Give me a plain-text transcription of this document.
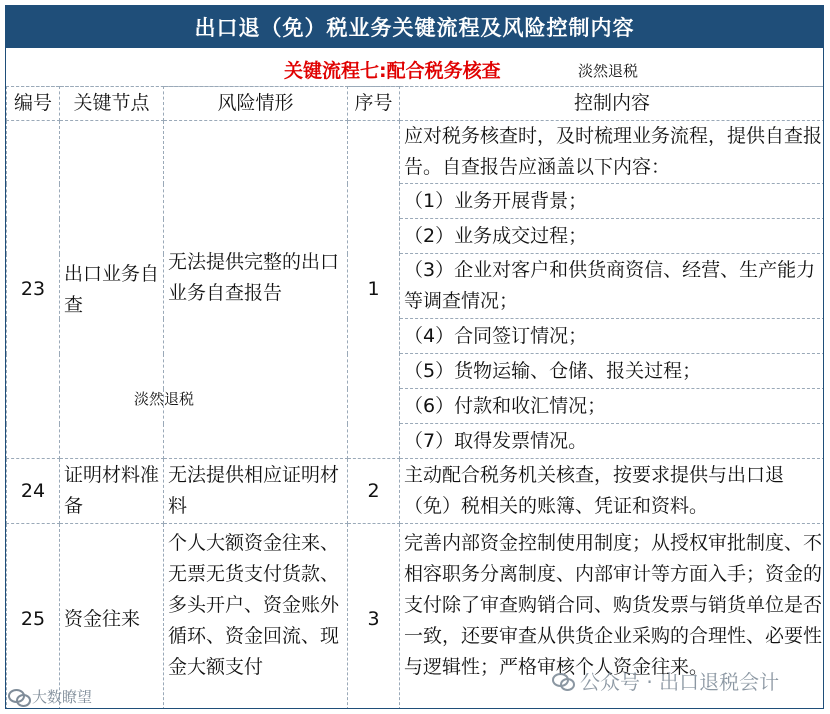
出口退（免）税业务关键流程及风险控制内容
关键流程七:配合税务核查	淡然退税
编号	关键节点	风险情形	序号	控制内容
23	出口业务自查	无法提供完整的出口业务自查报告	1	应对税务核查时，及时梳理业务流程，提供自查报告。自查报告应涵盖以下内容：
				（1）业务开展背景；
				（2）业务成交过程；
				（3）企业对客户和供货商资信、经营、生产能力等调查情况；
				（4）合同签订情况；
				（5）货物运输、仓储、报关过程；
				（6）付款和收汇情况；
				（7）取得发票情况。
24	证明材料准备	无法提供相应证明材料	2	主动配合税务机关核查，按要求提供与出口退（免）税相关的账簿、凭证和资料。
25	资金往来	个人大额资金往来、无票无货支付货款、多头开户、资金账外循环、资金回流、现金大额支付	3	完善内部资金控制使用制度；从授权审批制度、不相容职务分离制度、内部审计等方面入手；资金的支付除了审查购销合同、购货发票与销货单位是否一致，还要审查从供货企业采购的合理性、必要性与逻辑性；严格审核个人资金往来。
淡然退税
大数瞭望
公众号 · 出口退税会计
